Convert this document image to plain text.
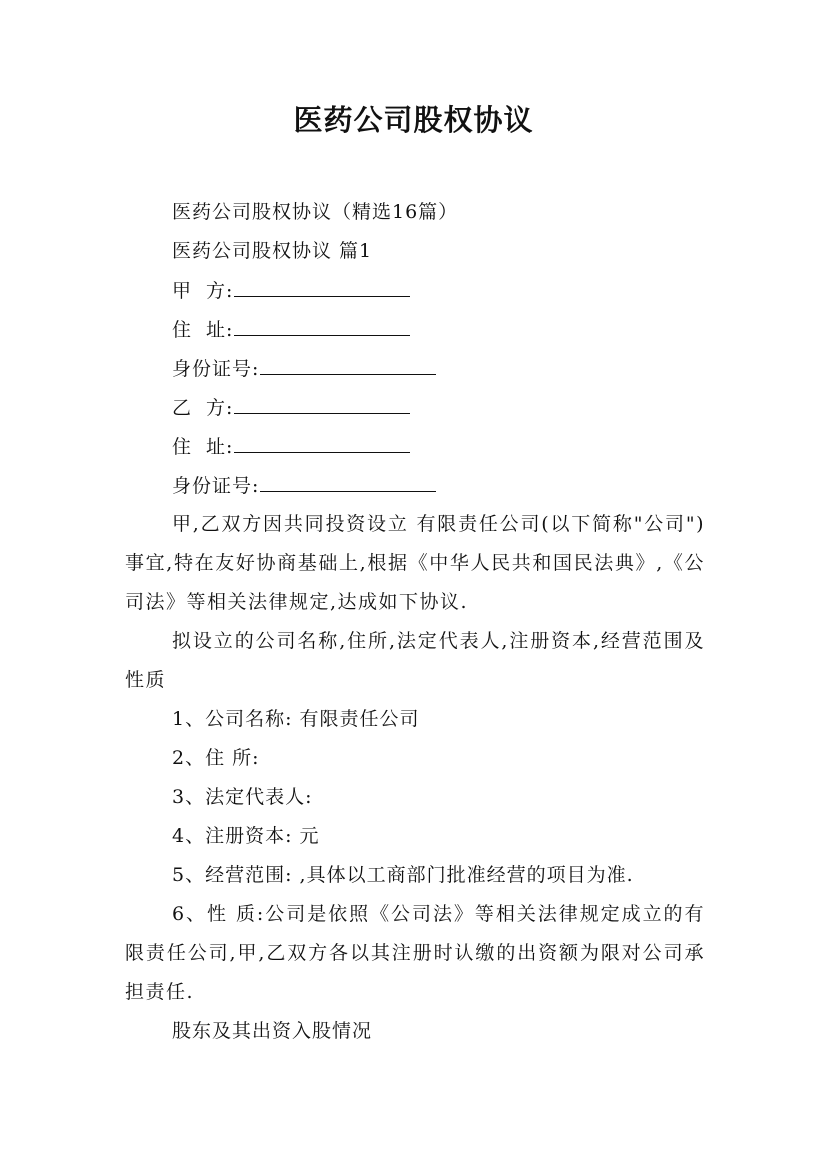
医药公司股权协议
医药公司股权协议（精选16篇）
医药公司股权协议 篇1
甲 方:
住 址:
身份证号:
乙 方:
住 址:
身份证号:
甲,乙双方因共同投资设立 有限责任公司(以下简称"公司")事宜,特在友好协商基础上,根据《中华人民共和国民法典》,《公司法》等相关法律规定,达成如下协议.
拟设立的公司名称,住所,法定代表人,注册资本,经营范围及性质
1、公司名称: 有限责任公司
2、住 所:
3、法定代表人:
4、注册资本: 元
5、经营范围: ,具体以工商部门批准经营的项目为准.
6、性 质:公司是依照《公司法》等相关法律规定成立的有限责任公司,甲,乙双方各以其注册时认缴的出资额为限对公司承担责任.
股东及其出资入股情况
